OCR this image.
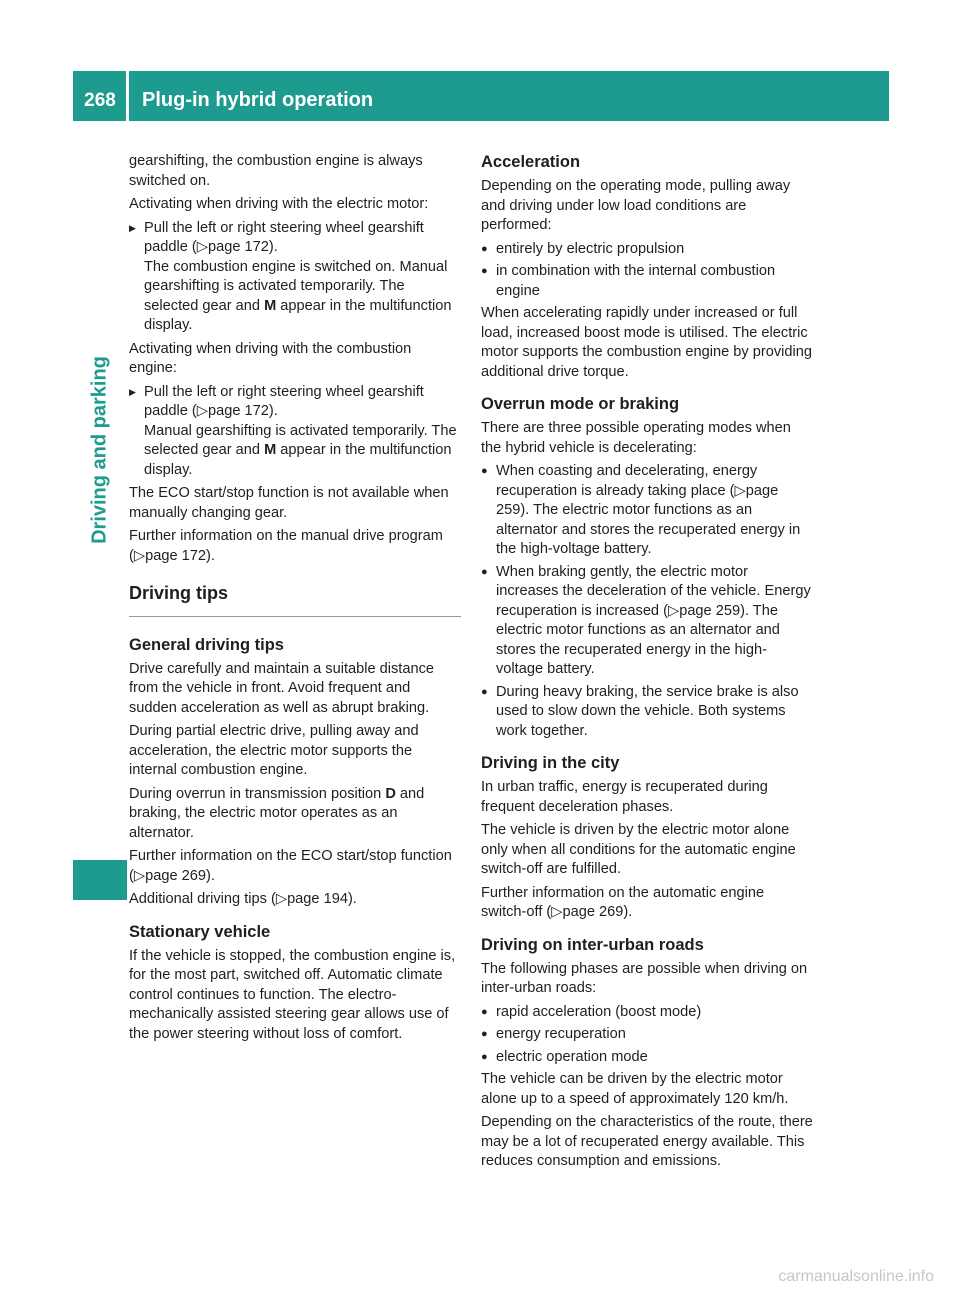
268	Plug-in hybrid operation
Driving and parking

gearshifting, the combustion engine is always switched on.

Activating when driving with the electric motor:

▶ Pull the left or right steering wheel gearshift paddle (▷page 172).
The combustion engine is switched on. Manual gearshifting is activated temporarily. The selected gear and M appear in the multifunction display.

Activating when driving with the combustion engine:

▶ Pull the left or right steering wheel gearshift paddle (▷page 172).
Manual gearshifting is activated temporarily. The selected gear and M appear in the multifunction display.

The ECO start/stop function is not available when manually changing gear.

Further information on the manual drive program (▷page 172).

Driving tips
General driving tips

Drive carefully and maintain a suitable distance from the vehicle in front. Avoid frequent and sudden acceleration as well as abrupt braking.

During partial electric drive, pulling away and acceleration, the electric motor supports the internal combustion engine.

During overrun in transmission position D and braking, the electric motor operates as an alternator.

Further information on the ECO start/stop function (▷page 269).

Additional driving tips (▷page 194).

Stationary vehicle

If the vehicle is stopped, the combustion engine is, for the most part, switched off. Automatic climate control continues to function. The electro-mechanically assisted steering gear allows use of the power steering without loss of comfort.

Acceleration

Depending on the operating mode, pulling away and driving under low load conditions are performed:

● entirely by electric propulsion
● in combination with the internal combustion engine

When accelerating rapidly under increased or full load, increased boost mode is utilised. The electric motor supports the combustion engine by providing additional drive torque.

Overrun mode or braking

There are three possible operating modes when the hybrid vehicle is decelerating:

● When coasting and decelerating, energy recuperation is already taking place (▷page 259). The electric motor functions as an alternator and stores the recuperated energy in the high-voltage battery.
● When braking gently, the electric motor increases the deceleration of the vehicle. Energy recuperation is increased (▷page 259). The electric motor functions as an alternator and stores the recuperated energy in the high-voltage battery.
● During heavy braking, the service brake is also used to slow down the vehicle. Both systems work together.
Driving in the city

In urban traffic, energy is recuperated during frequent deceleration phases.

The vehicle is driven by the electric motor alone only when all conditions for the automatic engine switch-off are fulfilled.

Further information on the automatic engine switch-off (▷page 269).

Driving on inter-urban roads

The following phases are possible when driving on inter-urban roads:

● rapid acceleration (boost mode)
● energy recuperation
● electric operation mode

The vehicle can be driven by the electric motor alone up to a speed of approximately 120 km/h.

Depending on the characteristics of the route, there may be a lot of recuperated energy available. This reduces consumption and emissions.

carmanualsonline.info
